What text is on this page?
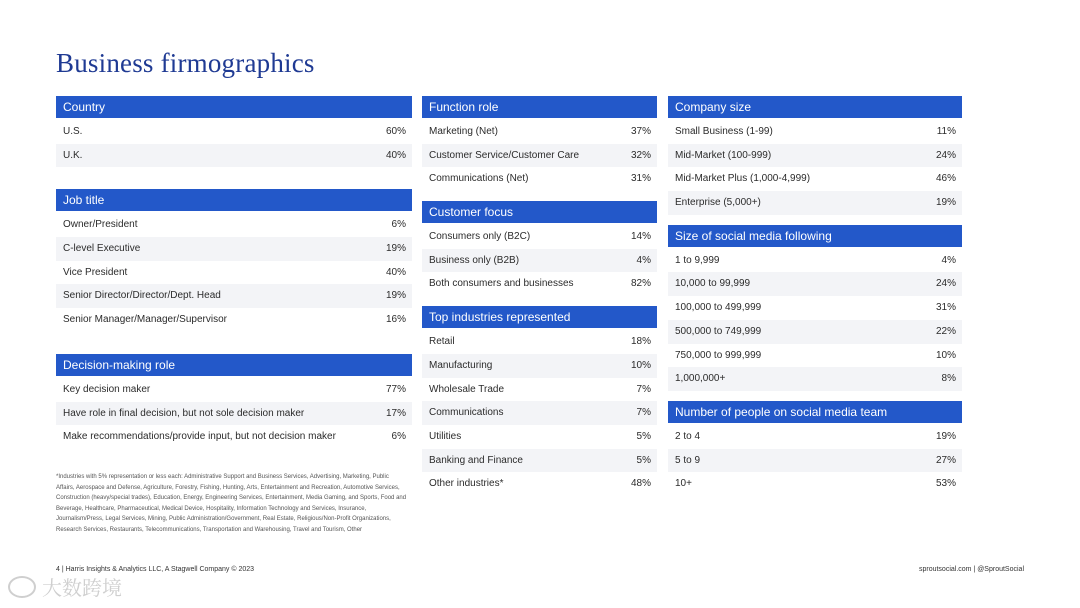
Business firmographics
Country
U.S.	60%
U.K.	40%
Job title
Owner/President	6%
C-level Executive	19%
Vice President	40%
Senior Director/Director/Dept. Head	19%
Senior Manager/Manager/Supervisor	16%
Decision-making role
Key decision maker	77%
Have role in final decision, but not sole decision maker	17%
Make recommendations/provide input, but not decision maker	6%
Function role
Marketing (Net)	37%
Customer Service/Customer Care	32%
Communications (Net)	31%
Customer focus
Consumers only (B2C)	14%
Business only (B2B)	4%
Both consumers and businesses	82%
Top industries represented
Retail	18%
Manufacturing	10%
Wholesale Trade	7%
Communications	7%
Utilities	5%
Banking and Finance	5%
Other industries*	48%
Company size
Small Business (1-99)	11%
Mid-Market (100-999)	24%
Mid-Market Plus (1,000-4,999)	46%
Enterprise (5,000+)	19%
Size of social media following
1 to 9,999	4%
10,000 to 99,999	24%
100,000 to 499,999	31%
500,000 to 749,999	22%
750,000 to 999,999	10%
1,000,000+	8%
Number of people on social media team
2 to 4	19%
5 to 9	27%
10+	53%
*Industries with 5% representation or less each: Administrative Support and Business Services, Advertising, Marketing, Public Affairs, Aerospace and Defense, Agriculture, Forestry, Fishing, Hunting, Arts, Entertainment and Recreation, Automotive Services, Construction (heavy/special trades), Education, Energy, Engineering Services, Entertainment, Media Gaming, and Sports, Food and Beverage, Healthcare, Pharmaceutical, Medical Device, Hospitality, Information Technology and Services, Insurance, Journalism/Press, Legal Services, Mining, Public Administration/Government, Real Estate, Religious/Non-Profit Organizations, Research Services, Restaurants, Telecommunications, Transportation and Warehousing, Travel and Tourism, Other
4 | Harris Insights & Analytics LLC, A Stagwell Company © 2023	sproutsocial.com | @SproutSocial
大数跨境
